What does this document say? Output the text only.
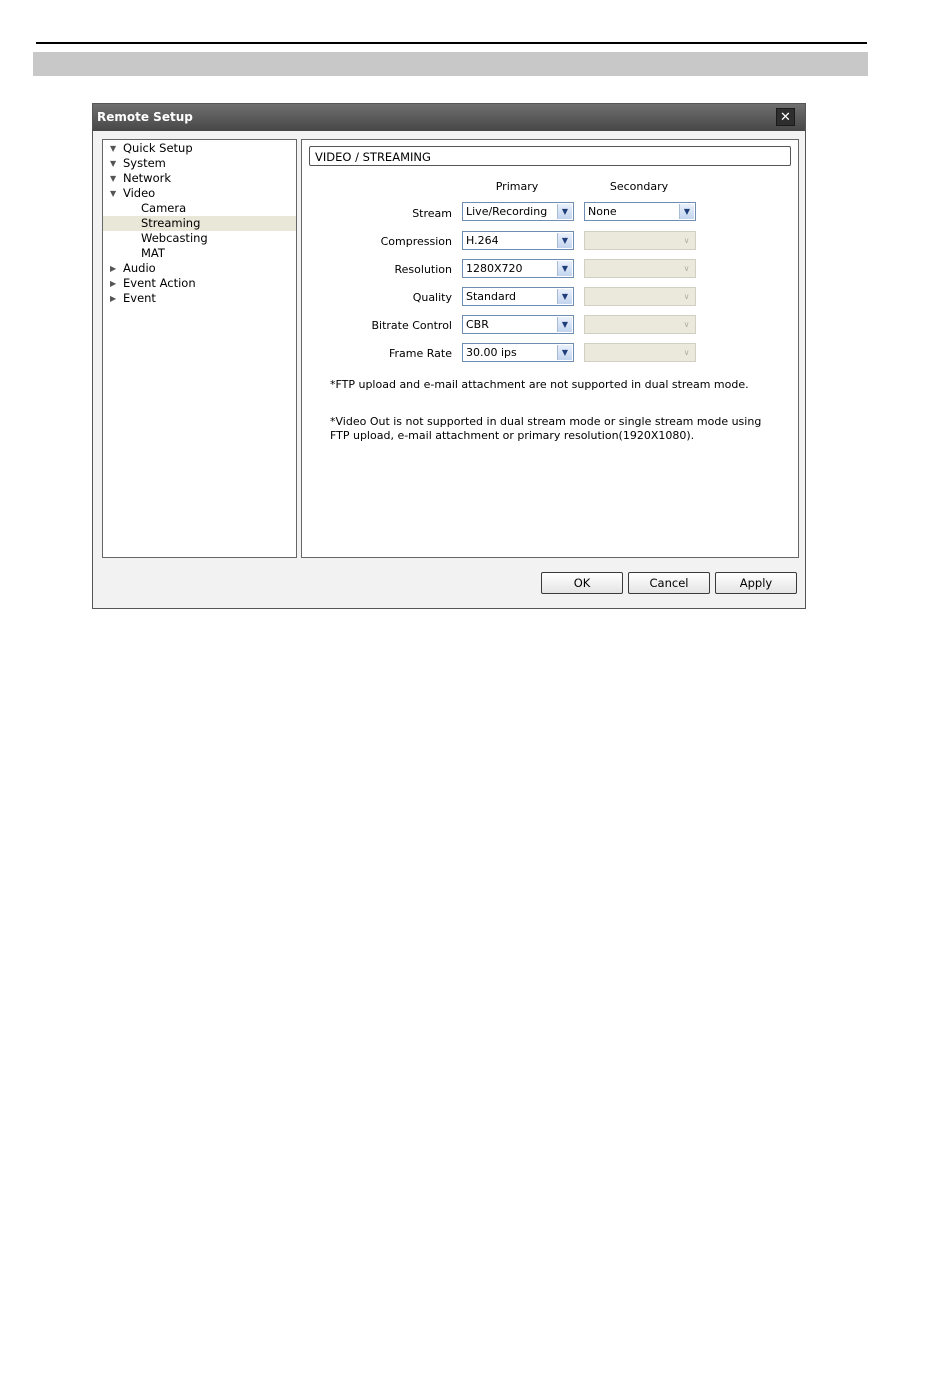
Remote Setup	✕
▼ Quick Setup
▼ System
▼ Network
▼ Video
Camera
Streaming
Webcasting
MAT
▶ Audio
▶ Event Action
▶ Event
VIDEO / STREAMING
Primary	Secondary
Stream Live/Recording	▼	None	▼
Compression H.264	▼	∨
Resolution 1280X720	▼	∨
Quality Standard	▼	∨
Bitrate Control CBR	▼	∨
Frame Rate 30.00 ips	▼	∨
*FTP upload and e-mail attachment are not supported in dual stream mode.
*Video Out is not supported in dual stream mode or single stream mode using FTP upload, e-mail attachment or primary resolution(1920X1080).
OK	Cancel	Apply
